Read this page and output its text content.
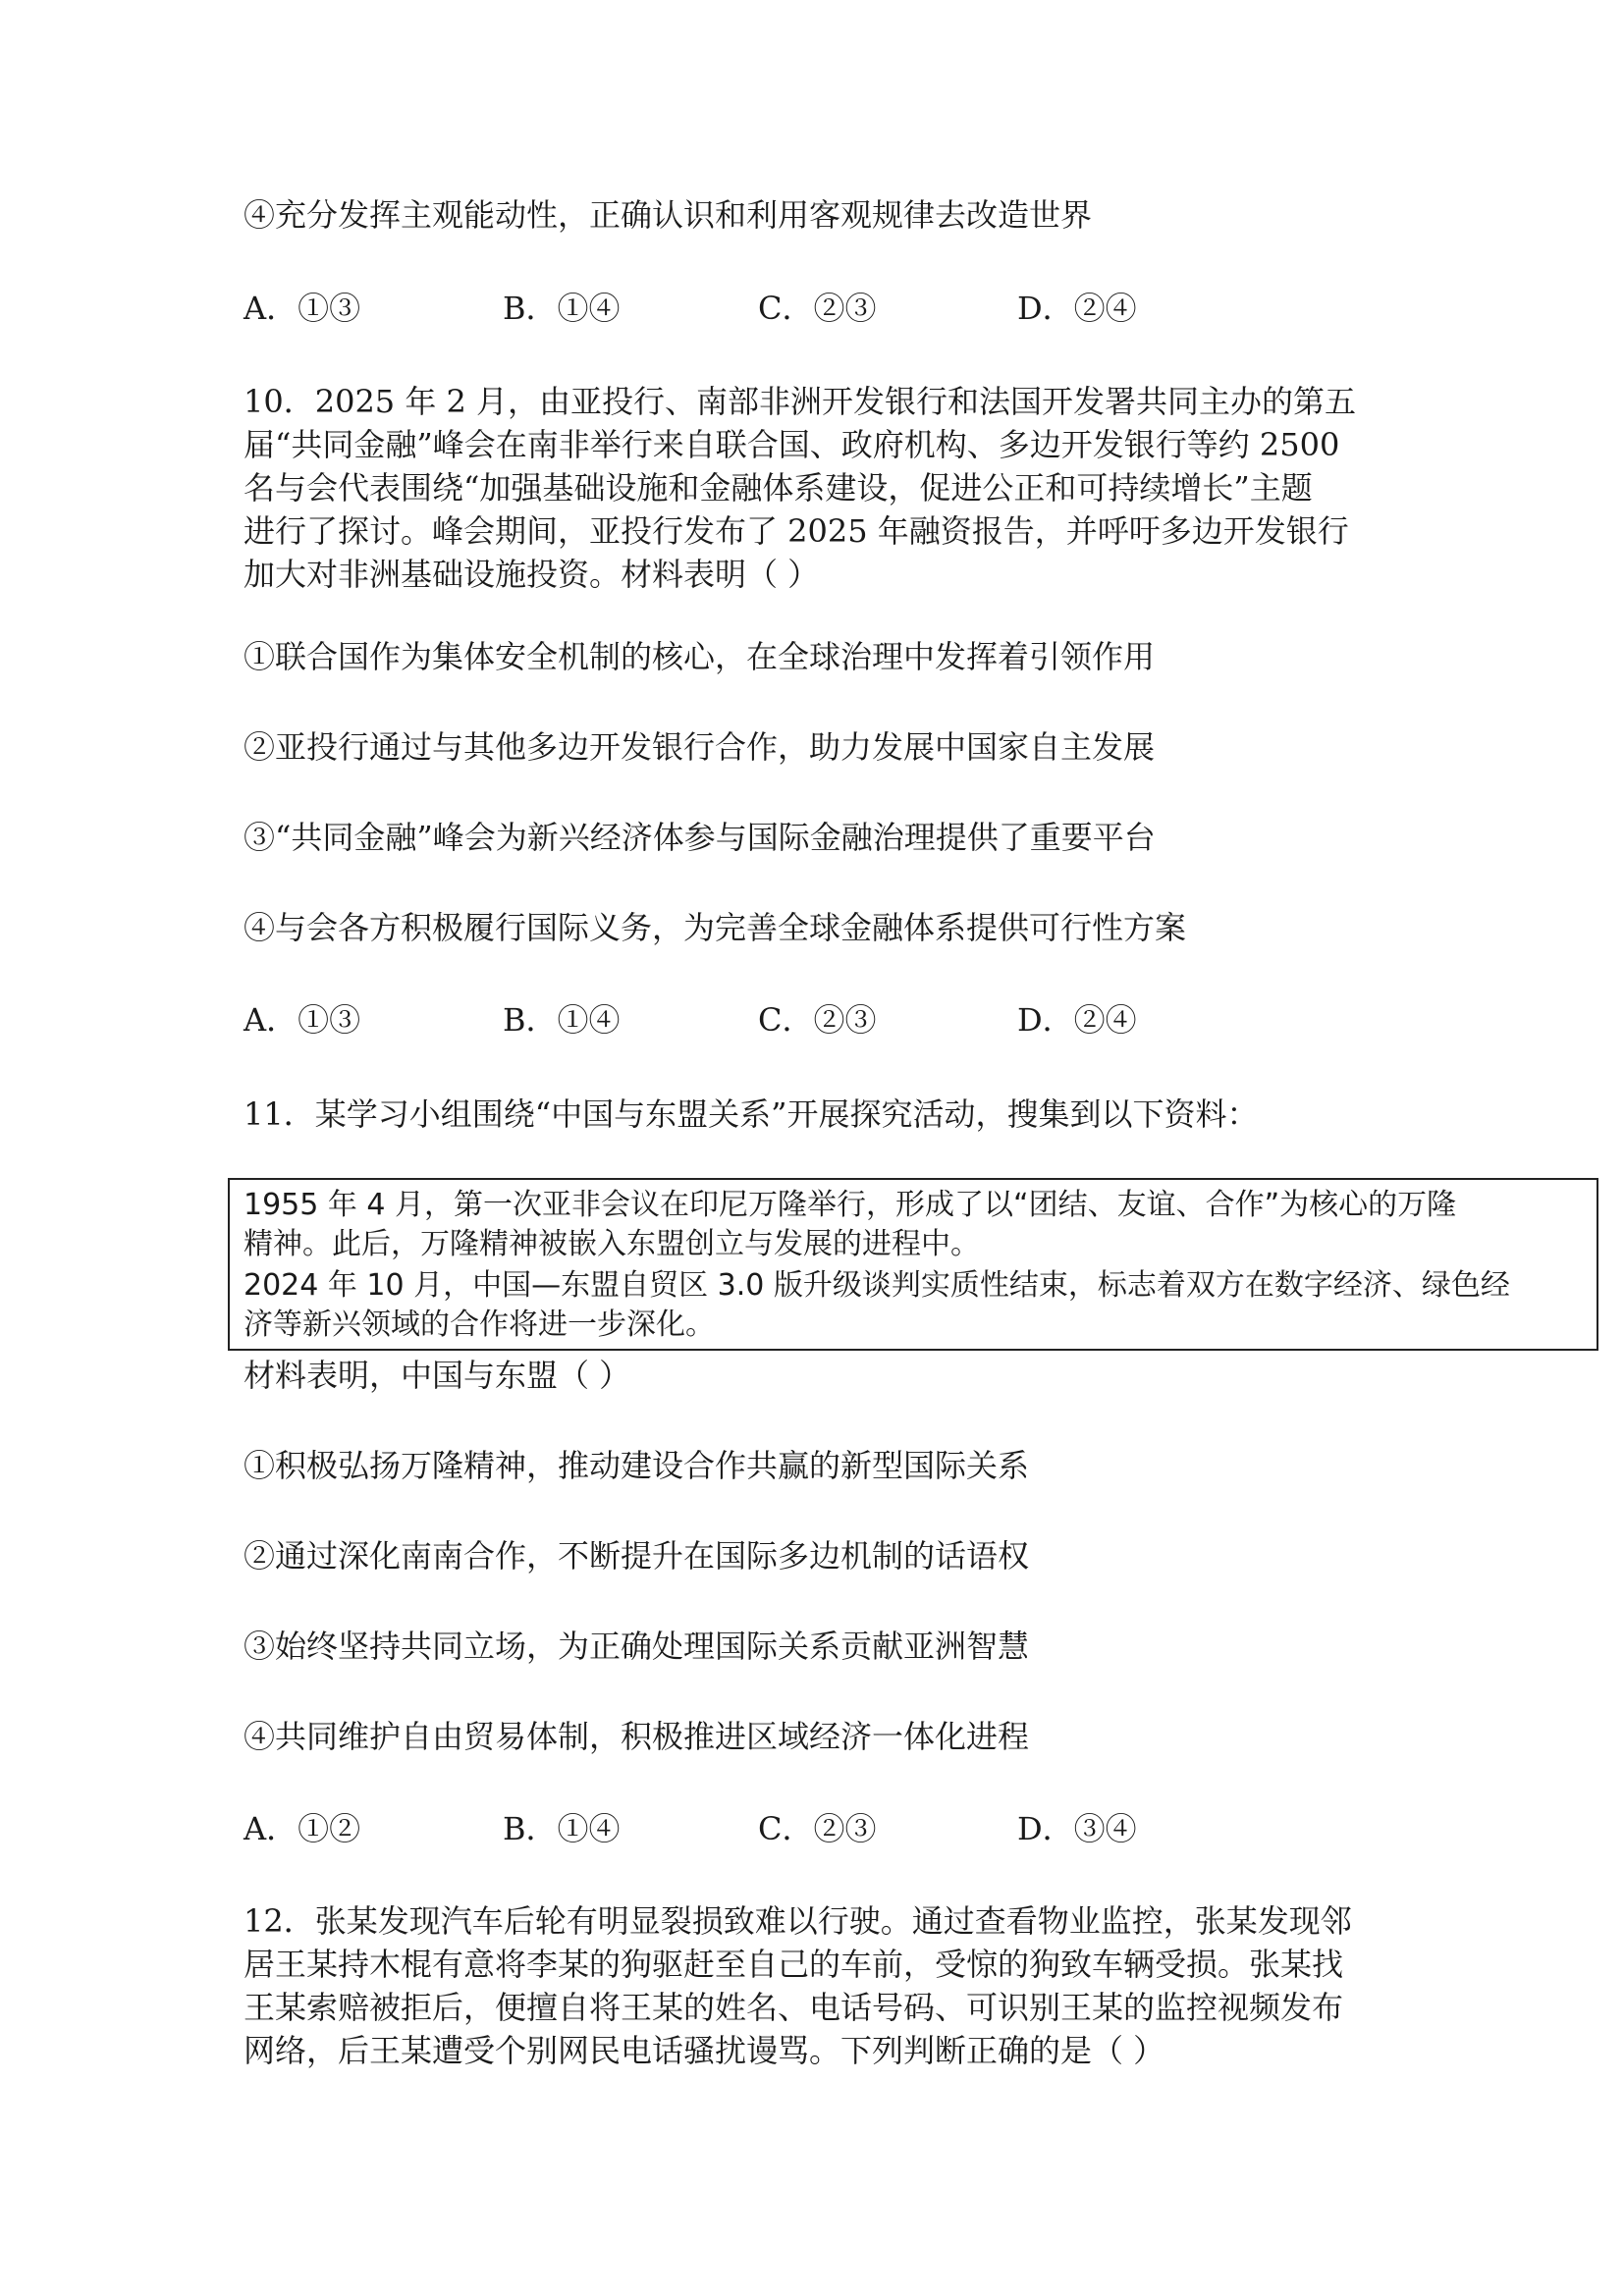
④充分发挥主观能动性，正确认识和利用客观规律去改造世界
A．①③	B．①④	C．②③	D．②④
10．2025 年 2 月，由亚投行、南部非洲开发银行和法国开发署共同主办的第五
届“共同金融”峰会在南非举行来自联合国、政府机构、多边开发银行等约 2500
名与会代表围绕“加强基础设施和金融体系建设，促进公正和可持续增长”主题
进行了探讨。峰会期间，亚投行发布了 2025 年融资报告，并呼吁多边开发银行
加大对非洲基础设施投资。材料表明（ ）
①联合国作为集体安全机制的核心，在全球治理中发挥着引领作用
②亚投行通过与其他多边开发银行合作，助力发展中国家自主发展
③“共同金融”峰会为新兴经济体参与国际金融治理提供了重要平台
④与会各方积极履行国际义务，为完善全球金融体系提供可行性方案
A．①③	B．①④	C．②③	D．②④
11．某学习小组围绕“中国与东盟关系”开展探究活动，搜集到以下资料：
1955 年 4 月，第一次亚非会议在印尼万隆举行，形成了以“团结、友谊、合作”为核心的万隆
精神。此后，万隆精神被嵌入东盟创立与发展的进程中。
2024 年 10 月，中国—东盟自贸区 3.0 版升级谈判实质性结束，标志着双方在数字经济、绿色经
济等新兴领域的合作将进一步深化。
材料表明，中国与东盟（ ）
①积极弘扬万隆精神，推动建设合作共赢的新型国际关系
②通过深化南南合作，不断提升在国际多边机制的话语权
③始终坚持共同立场，为正确处理国际关系贡献亚洲智慧
④共同维护自由贸易体制，积极推进区域经济一体化进程
A．①②	B．①④	C．②③	D．③④
12．张某发现汽车后轮有明显裂损致难以行驶。通过查看物业监控，张某发现邻
居王某持木棍有意将李某的狗驱赶至自己的车前，受惊的狗致车辆受损。张某找
王某索赔被拒后，便擅自将王某的姓名、电话号码、可识别王某的监控视频发布
网络，后王某遭受个别网民电话骚扰谩骂。下列判断正确的是（ ）
